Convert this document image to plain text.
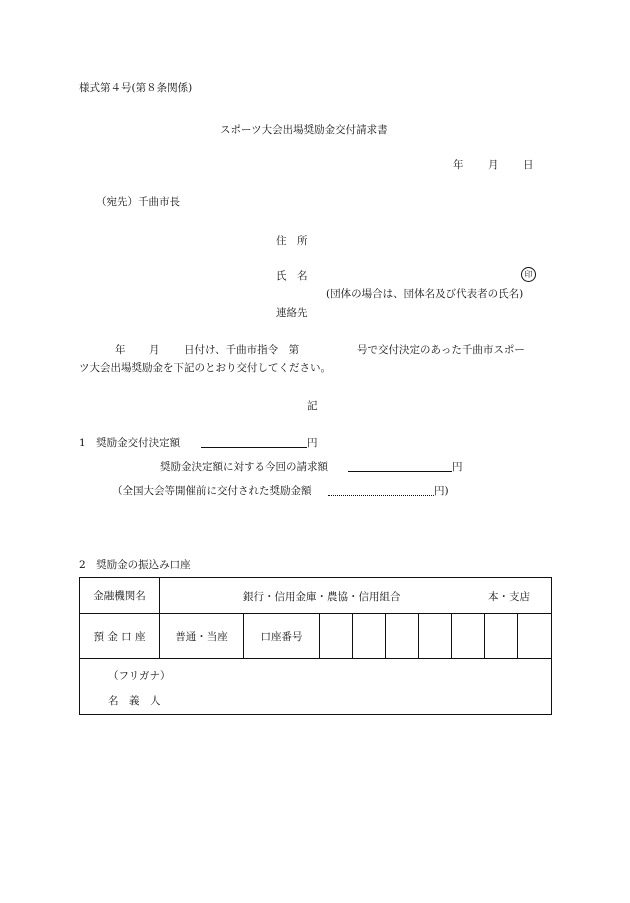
様式第４号(第８条関係)
スポーツ大会出場奨励金交付請求書
年 月 日
（宛先）千曲市長
住　所
氏　名	印
(団体の場合は、団体名及び代表者の氏名)
連絡先
年 月 日付け、千曲市指令　第	号で交付決定のあった千曲市スポー
ツ大会出場奨励金を下記のとおり交付してください。
記
1　奨励金交付決定額	円
奨励金決定額に対する今回の請求額	円
（全国大会等開催前に交付された奨励金額	円)
2　奨励金の振込み口座
金融機関名	銀行・信用金庫・農協・信用組合 本・支店								

預 金 口 座	普通・当座	口座番号							

（フリガナ）
名　義　人									
